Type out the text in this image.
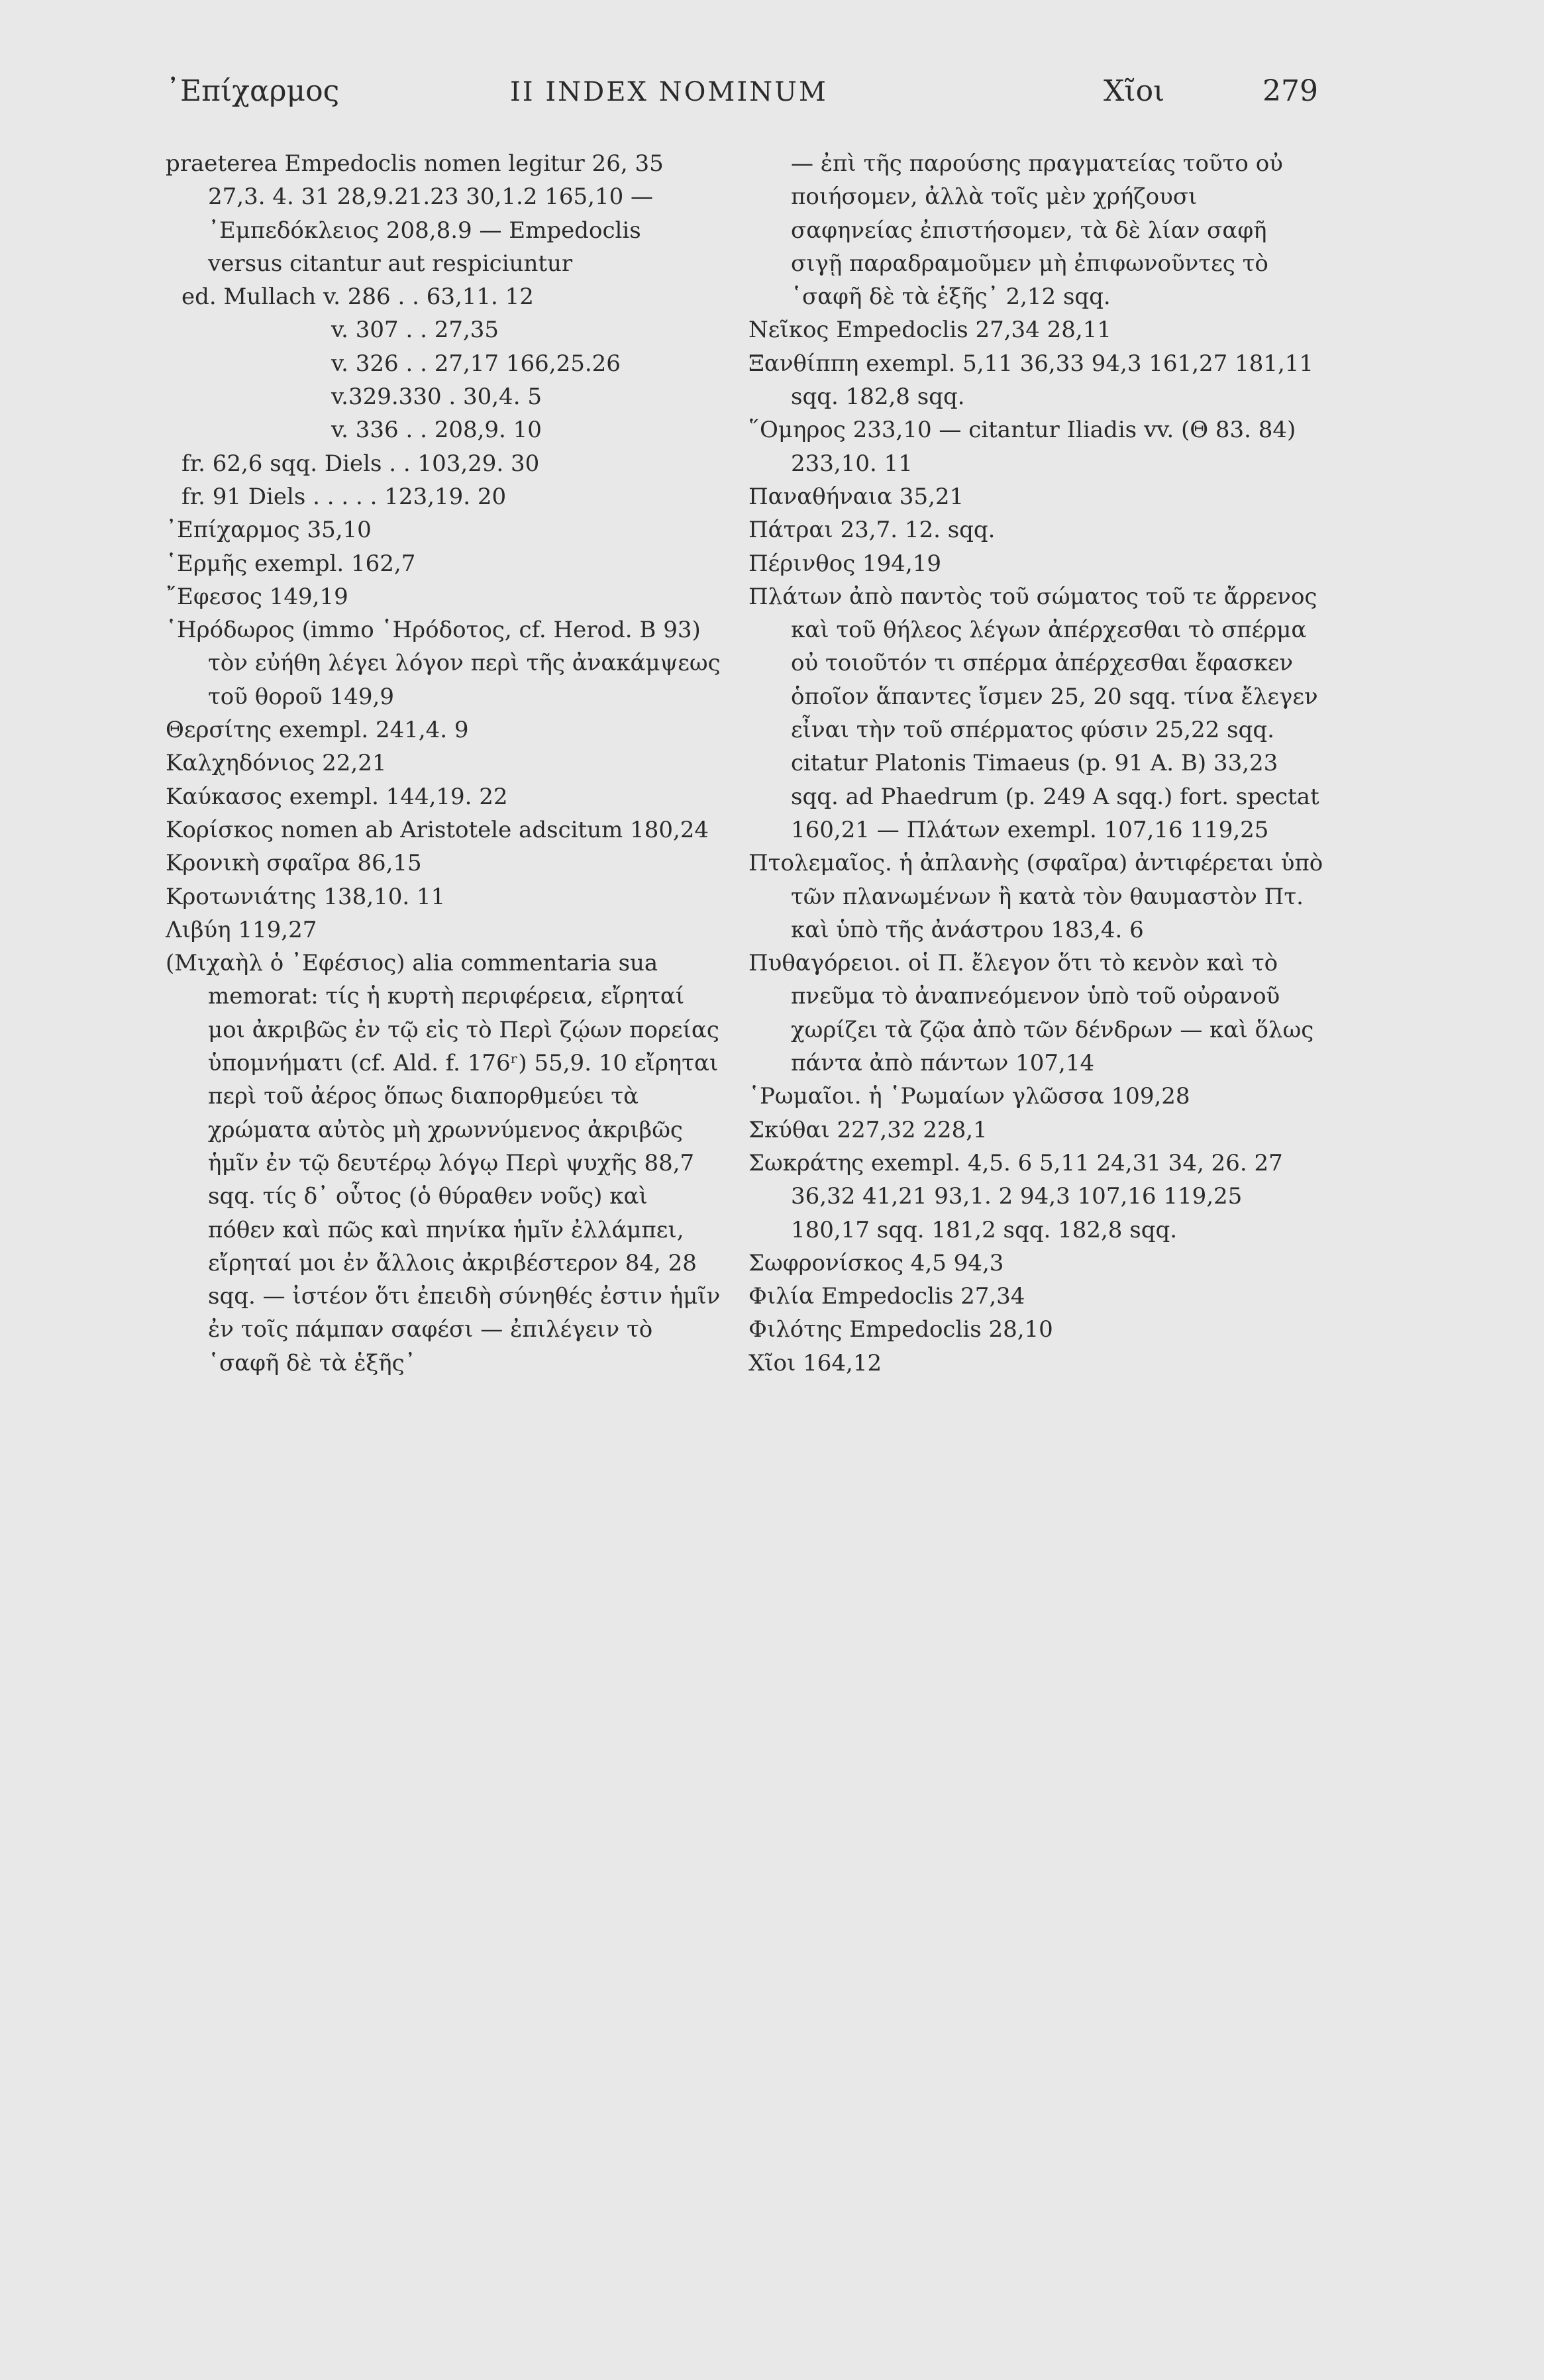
᾿Επίχαρμος	II INDEX NOMINUM	Χῖοι	279

praeterea Empedoclis nomen legitur 26, 35 27,3. 4. 31 28,9.21.23 30,1.2 165,10 — ᾿Εμπεδόκλειος 208,8.9 — Empedoclis versus citantur aut respiciuntur

ed. Mullach v. 286 . . 63,11. 12

v. 307 . . 27,35

v. 326 . . 27,17 166,25.26

v.329.330 . 30,4. 5

v. 336 . . 208,9. 10

fr. 62,6 sqq. Diels . . 103,29. 30

fr. 91 Diels . . . . . 123,19. 20

᾿Επίχαρμος 35,10

῾Ερμῆς exempl. 162,7

῎Εφεσος 149,19

῾Ηρόδωρος (immo ῾Ηρόδοτος, cf. Herod. B 93) τὸν εὐήθη λέγει λόγον περὶ τῆς ἀνακάμψεως τοῦ θοροῦ 149,9

Θερσίτης exempl. 241,4. 9

Καλχηδόνιος 22,21

Καύκασος exempl. 144,19. 22

Κορίσκος nomen ab Aristotele adscitum 180,24

Κρονικὴ σφαῖρα 86,15

Κροτωνιάτης 138,10. 11

Λιβύη 119,27

(Μιχαὴλ ὁ ᾿Εφέσιος) alia commentaria sua memorat: τίς ἡ κυρτὴ περιφέρεια, εἴρηταί μοι ἀκριβῶς ἐν τῷ εἰς τὸ Περὶ ζῴων πορείας ὑπομνήματι (cf. Ald. f. 176ʳ) 55,9. 10 εἴρηται περὶ τοῦ ἀέρος ὅπως διαπορθμεύει τὰ χρώματα αὐτὸς μὴ χρωννύμενος ἀκριβῶς ἡμῖν ἐν τῷ δευτέρῳ λόγῳ Περὶ ψυχῆς 88,7 sqq. τίς δ᾿ οὗτος (ὁ θύραθεν νοῦς) καὶ πόθεν καὶ πῶς καὶ πηνίκα ἡμῖν ἐλλάμπει, εἴρηταί μοι ἐν ἄλλοις ἀκριβέστερον 84, 28 sqq. — ἰστέον ὅτι ἐπειδὴ σύνηθές ἐστιν ἡμῖν ἐν τοῖς πάμπαν σαφέσι — ἐπιλέγειν τὸ ῾σαφῆ δὲ τὰ ἑξῆς᾿

— ἐπὶ τῆς παρούσης πραγματείας τοῦτο οὐ ποιήσομεν, ἀλλὰ τοῖς μὲν χρήζουσι σαφηνείας ἐπιστήσομεν, τὰ δὲ λίαν σαφῆ σιγῇ παραδραμοῦμεν μὴ ἐπιφωνοῦντες τὸ ῾σαφῆ δὲ τὰ ἑξῆς᾿ 2,12 sqq.

Νεῖκος Empedoclis 27,34 28,11

Ξανθίππη exempl. 5,11 36,33 94,3 161,27 181,11 sqq. 182,8 sqq.

῞Ομηρος 233,10 — citantur Iliadis vv. (Θ 83. 84) 233,10. 11

Παναθήναια 35,21

Πάτραι 23,7. 12. sqq.

Πέρινθος 194,19

Πλάτων ἀπὸ παντὸς τοῦ σώματος τοῦ τε ἄρρενος καὶ τοῦ θήλεος λέγων ἀπέρχεσθαι τὸ σπέρμα οὐ τοιοῦτόν τι σπέρμα ἀπέρχεσθαι ἔφασκεν ὁποῖον ἅπαντες ἴσμεν 25, 20 sqq. τίνα ἔλεγεν εἶναι τὴν τοῦ σπέρματος φύσιν 25,22 sqq. citatur Platonis Timaeus (p. 91 A. B) 33,23 sqq. ad Phaedrum (p. 249 A sqq.) fort. spectat 160,21 — Πλάτων exempl. 107,16 119,25

Πτολεμαῖος. ἡ ἀπλανὴς (σφαῖρα) ἀντιφέρεται ὑπὸ τῶν πλανωμένων ἢ κατὰ τὸν θαυμαστὸν Πτ. καὶ ὑπὸ τῆς ἀνάστρου 183,4. 6

Πυθαγόρειοι. οἱ Π. ἔλεγον ὅτι τὸ κενὸν καὶ τὸ πνεῦμα τὸ ἀναπνεόμενον ὑπὸ τοῦ οὐρανοῦ χωρίζει τὰ ζῷα ἀπὸ τῶν δένδρων — καὶ ὅλως πάντα ἀπὸ πάντων 107,14

῾Ρωμαῖοι. ἡ ῾Ρωμαίων γλῶσσα 109,28

Σκύθαι 227,32 228,1

Σωκράτης exempl. 4,5. 6 5,11 24,31 34, 26. 27 36,32 41,21 93,1. 2 94,3 107,16 119,25 180,17 sqq. 181,2 sqq. 182,8 sqq.

Σωφρονίσκος 4,5 94,3

Φιλία Empedoclis 27,34

Φιλότης Empedoclis 28,10

Χῖοι 164,12
